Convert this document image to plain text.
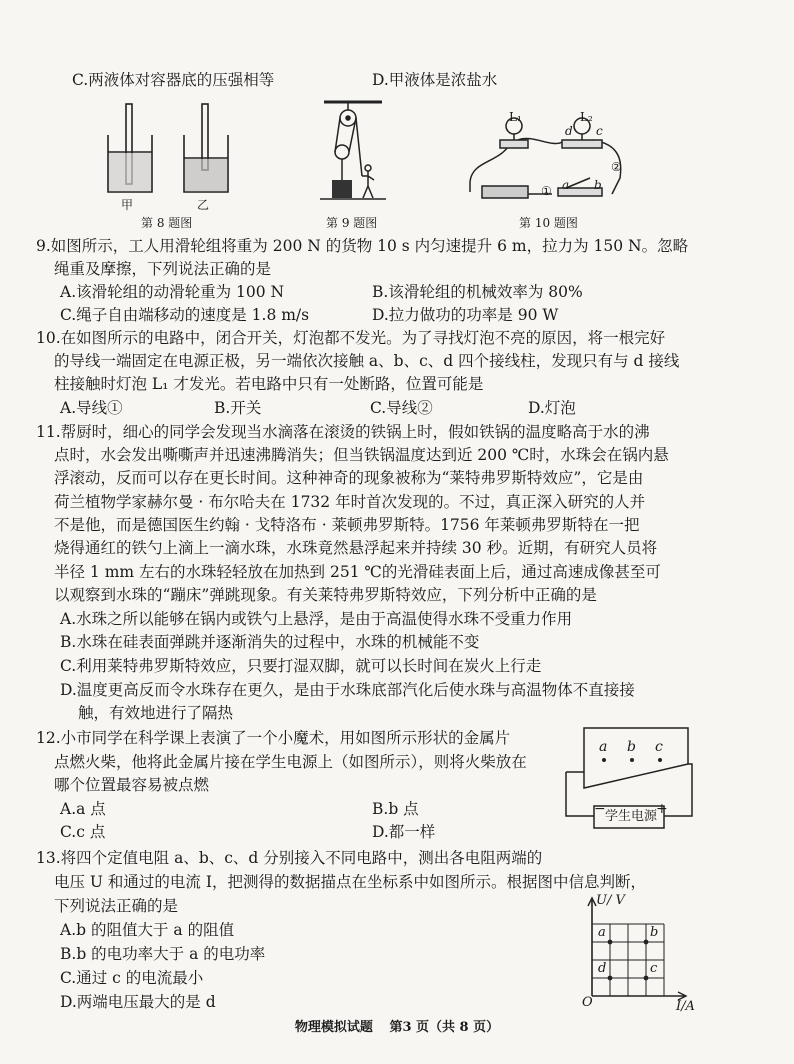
C.两液体对容器底的压强相等	D.甲液体是浓盐水
甲	乙
第 8 题图	第 9 题图
L₁	L₂
d c
a b
①
②
第 10 题图
9.如图所示，工人用滑轮组将重为 200 N 的货物 10 s 内匀速提升 6 m，拉力为 150 N。忽略
绳重及摩擦，下列说法正确的是
A.该滑轮组的动滑轮重为 100 N	B.该滑轮组的机械效率为 80%
C.绳子自由端移动的速度是 1.8 m/s	D.拉力做功的功率是 90 W
10.在如图所示的电路中，闭合开关，灯泡都不发光。为了寻找灯泡不亮的原因，将一根完好
的导线一端固定在电源正极，另一端依次接触 a、b、c、d 四个接线柱，发现只有与 d 接线
柱接触时灯泡 L₁ 才发光。若电路中只有一处断路，位置可能是
A.导线①	B.开关	C.导线②	D.灯泡
11.帮厨时，细心的同学会发现当水滴落在滚烫的铁锅上时，假如铁锅的温度略高于水的沸
点时，水会发出嘶嘶声并迅速沸腾消失；但当铁锅温度达到近 200 ℃时，水珠会在锅内悬
浮滚动，反而可以存在更长时间。这种神奇的现象被称为“莱特弗罗斯特效应”，它是由
荷兰植物学家赫尔曼 · 布尔哈夫在 1732 年时首次发现的。不过，真正深入研究的人并
不是他，而是德国医生约翰 · 戈特洛布 · 莱顿弗罗斯特。1756 年莱顿弗罗斯特在一把
烧得通红的铁勺上滴上一滴水珠，水珠竟然悬浮起来并持续 30 秒。近期，有研究人员将
半径 1 mm 左右的水珠轻轻放在加热到 251 ℃的光滑硅表面上后，通过高速成像甚至可
以观察到水珠的“蹦床”弹跳现象。有关莱特弗罗斯特效应，下列分析中正确的是
A.水珠之所以能够在锅内或铁勺上悬浮，是由于高温使得水珠不受重力作用
B.水珠在硅表面弹跳并逐渐消失的过程中，水珠的机械能不变
C.利用莱特弗罗斯特效应，只要打湿双脚，就可以长时间在炭火上行走
D.温度更高反而令水珠存在更久，是由于水珠底部汽化后使水珠与高温物体不直接接
触，有效地进行了隔热
12.小市同学在科学课上表演了一个小魔术，用如图所示形状的金属片
点燃火柴，他将此金属片接在学生电源上（如图所示），则将火柴放在
哪个位置最容易被点燃
A.a 点	B.b 点
C.c 点	D.都一样
a b c
−	+
学生电源
13.将四个定值电阻 a、b、c、d 分别接入不同电路中，测出各电阻两端的
电压 U 和通过的电流 I，把测得的数据描点在坐标系中如图所示。根据图中信息判断，
下列说法正确的是
A.b 的阻值大于 a 的阻值
B.b 的电功率大于 a 的电功率
C.通过 c 的电流最小
D.两端电压最大的是 d
U/ V
I/A
O
a	b
c
d
物理模拟试题 第3 页（共 8 页）
